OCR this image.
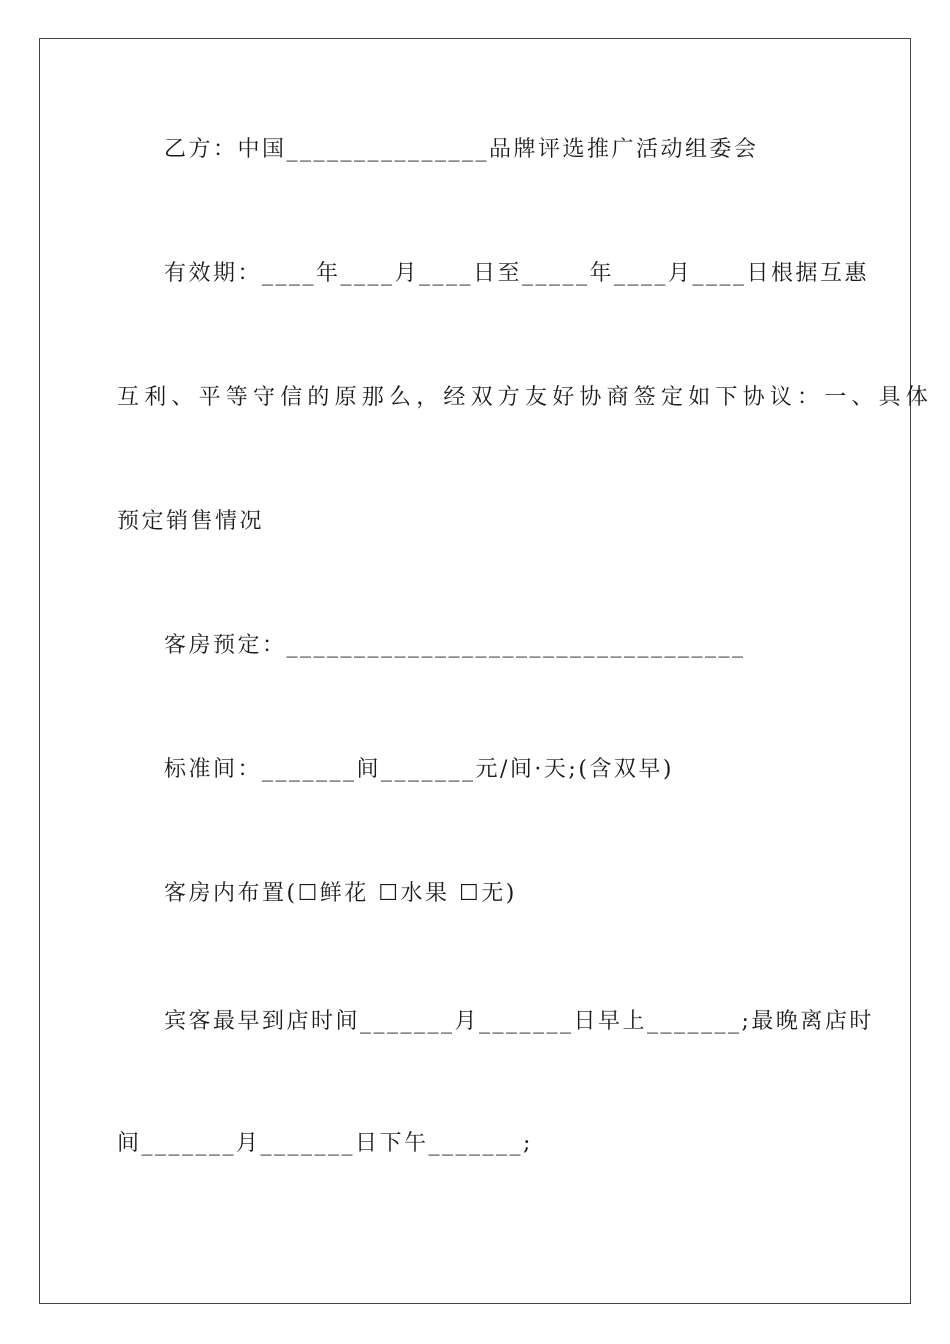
乙方：中国_______________品牌评选推广活动组委会
有效期：____年____月____日至_____年____月____日根据互惠
互利、平等守信的原那么，经双方友好协商签定如下协议：一、具体
预定销售情况
客房预定：__________________________________
标准间：_______间_______元/间·天;(含双早)
客房内布置(☐鲜花 ☐水果 ☐无)
宾客最早到店时间_______月_______日早上_______;最晚离店时
间_______月_______日下午_______;
